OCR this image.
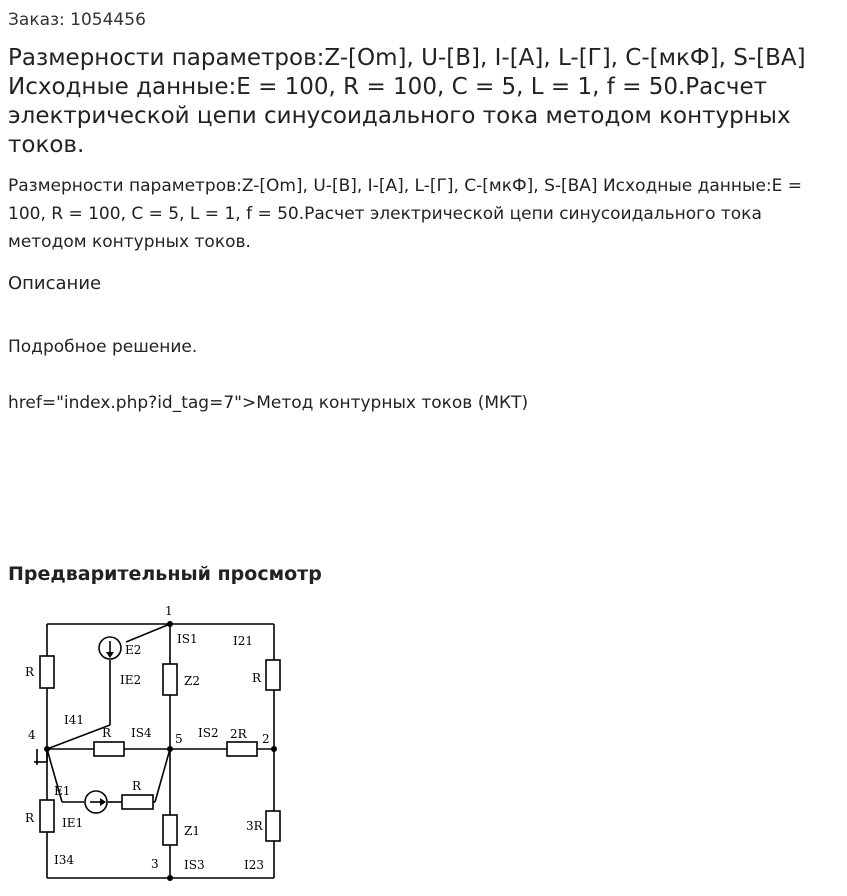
Заказ: 1054456
Размерности параметров:Z-[Om], U-[B], I-[A], L-[Г], C-[мкФ], S-[BA] Исходные данные:E = 100, R = 100, C = 5, L = 1, f = 50.Расчет электрической цепи синусоидального тока методом контурных токов.

Размерности параметров:Z-[Om], U-[B], I-[A], L-[Г], C-[мкФ], S-[BA] Исходные данные:E = 100, R = 100, C = 5, L = 1, f = 50.Расчет электрической цепи синусоидального тока методом контурных токов.

Описание
Подробное решение.
href="index.php?id_tag=7">Метод контурных токов (МКТ)
Предварительный просмотр
1
2
3
4	5
R	R
R
R
R
2R
3R
Z2
Z1
E2
E1
IS1	I21
IE2
I41
IS4	IS2
IE1
I34	IS3	I23
